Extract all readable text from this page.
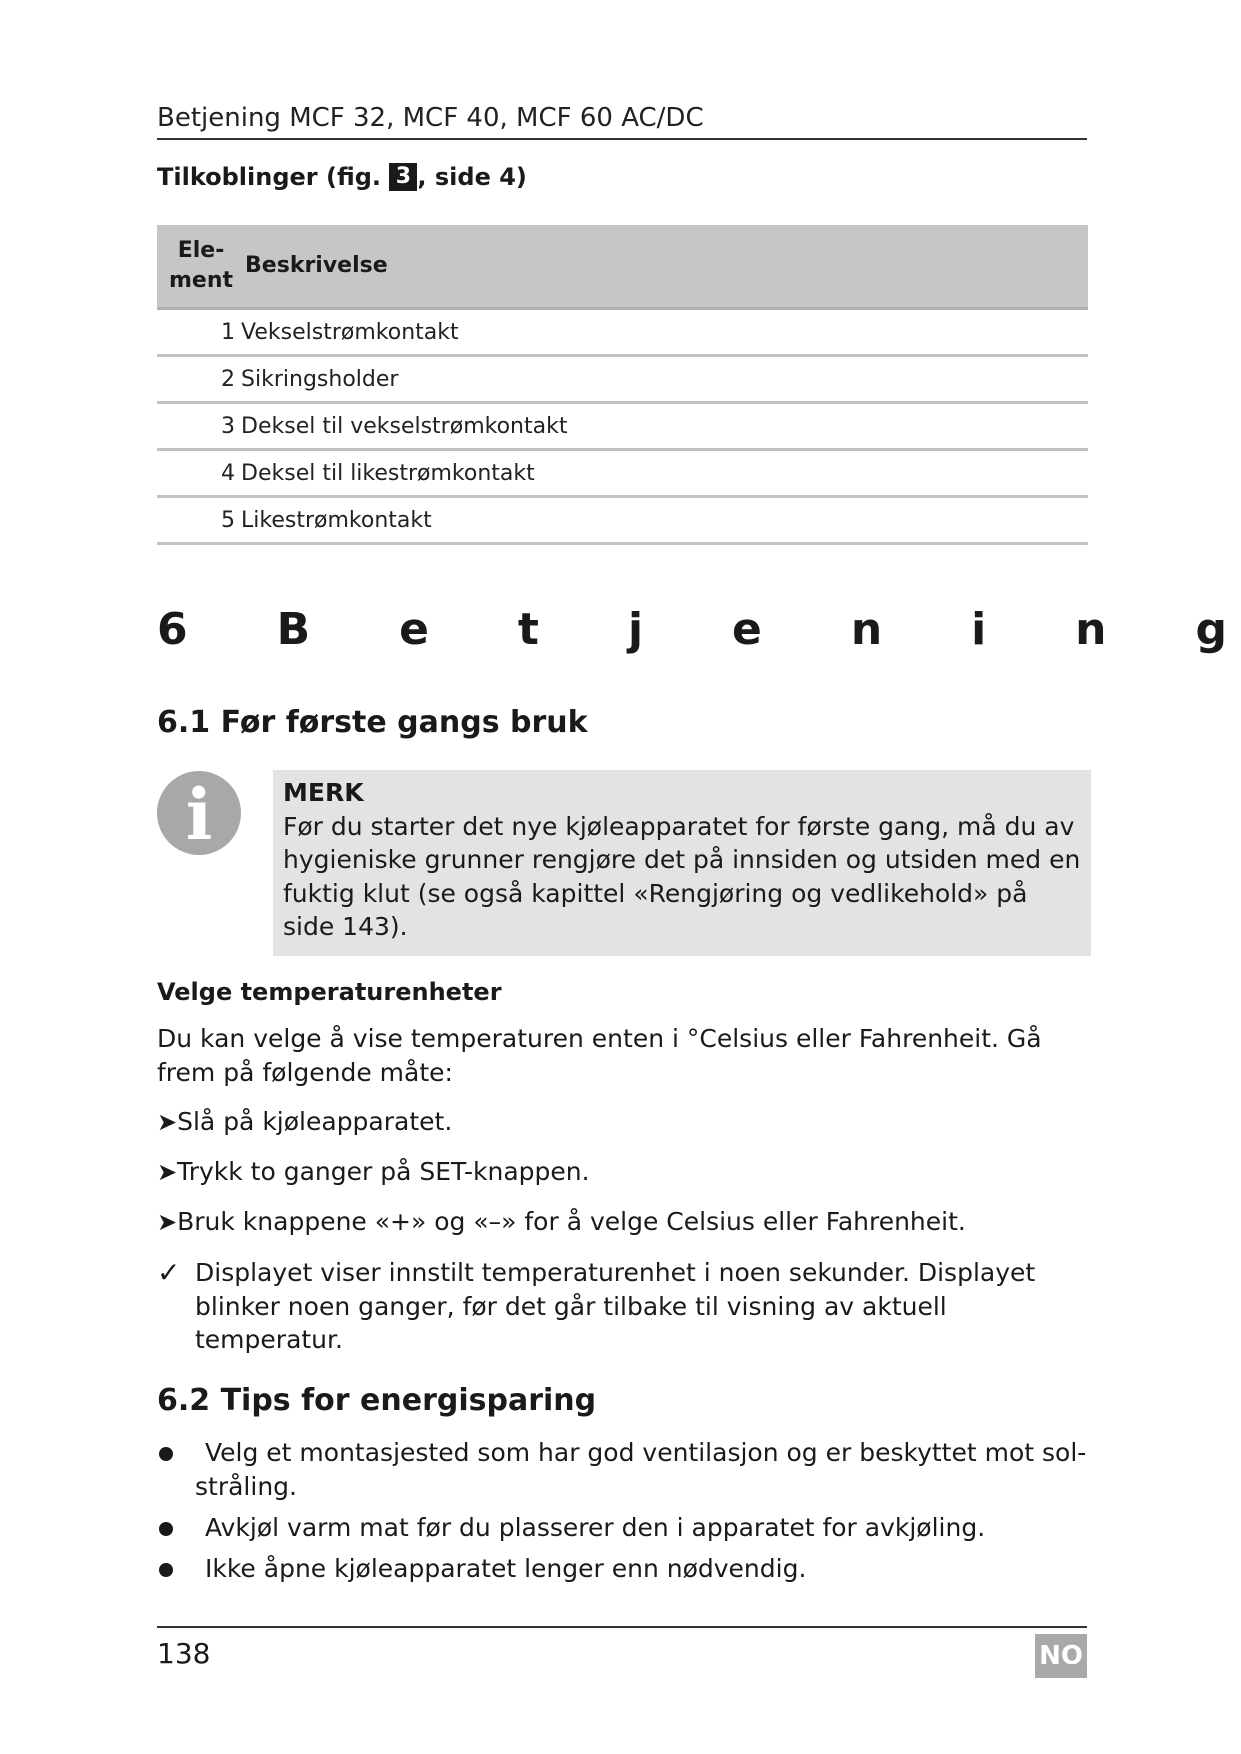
Betjening MCF 32, MCF 40, MCF 60 AC/DC
Tilkoblinger (fig. 3 , side 4)
Ele-
ment	Beskrivelse
1	Vekselstrømkontakt
2	Sikringsholder
3	Deksel til vekselstrømkontakt
4	Deksel til likestrømkontakt
5	Likestrømkontakt
6 B e t j e n i n g
6.1 Før første gangs bruk
i	MERK
Før du starter det nye kjøleapparatet for første gang, må du av hygieniske grunner rengjøre det på innsiden og utsiden med en fuktig klut (se også kapittel «Rengjøring og vedlikehold» på side 143).
Velge temperaturenheter
Du kan velge å vise temperaturen enten i °Celsius eller Fahrenheit. Gå frem på følgende måte:
➤Slå på kjøleapparatet.
➤Trykk to ganger på SET-knappen.
➤Bruk knappene «+» og «–» for å velge Celsius eller Fahrenheit.
✓ Displayet viser innstilt temperaturenhet i noen sekunder. Displayet blinker noen ganger, før det går tilbake til visning av aktuell temperatur.
6.2 Tips for energisparing
Velg et montasjested som har god ventilasjon og er beskyttet mot sol-stråling.
Avkjøl varm mat før du plasserer den i apparatet for avkjøling.
Ikke åpne kjøleapparatet lenger enn nødvendig.
138	NO
